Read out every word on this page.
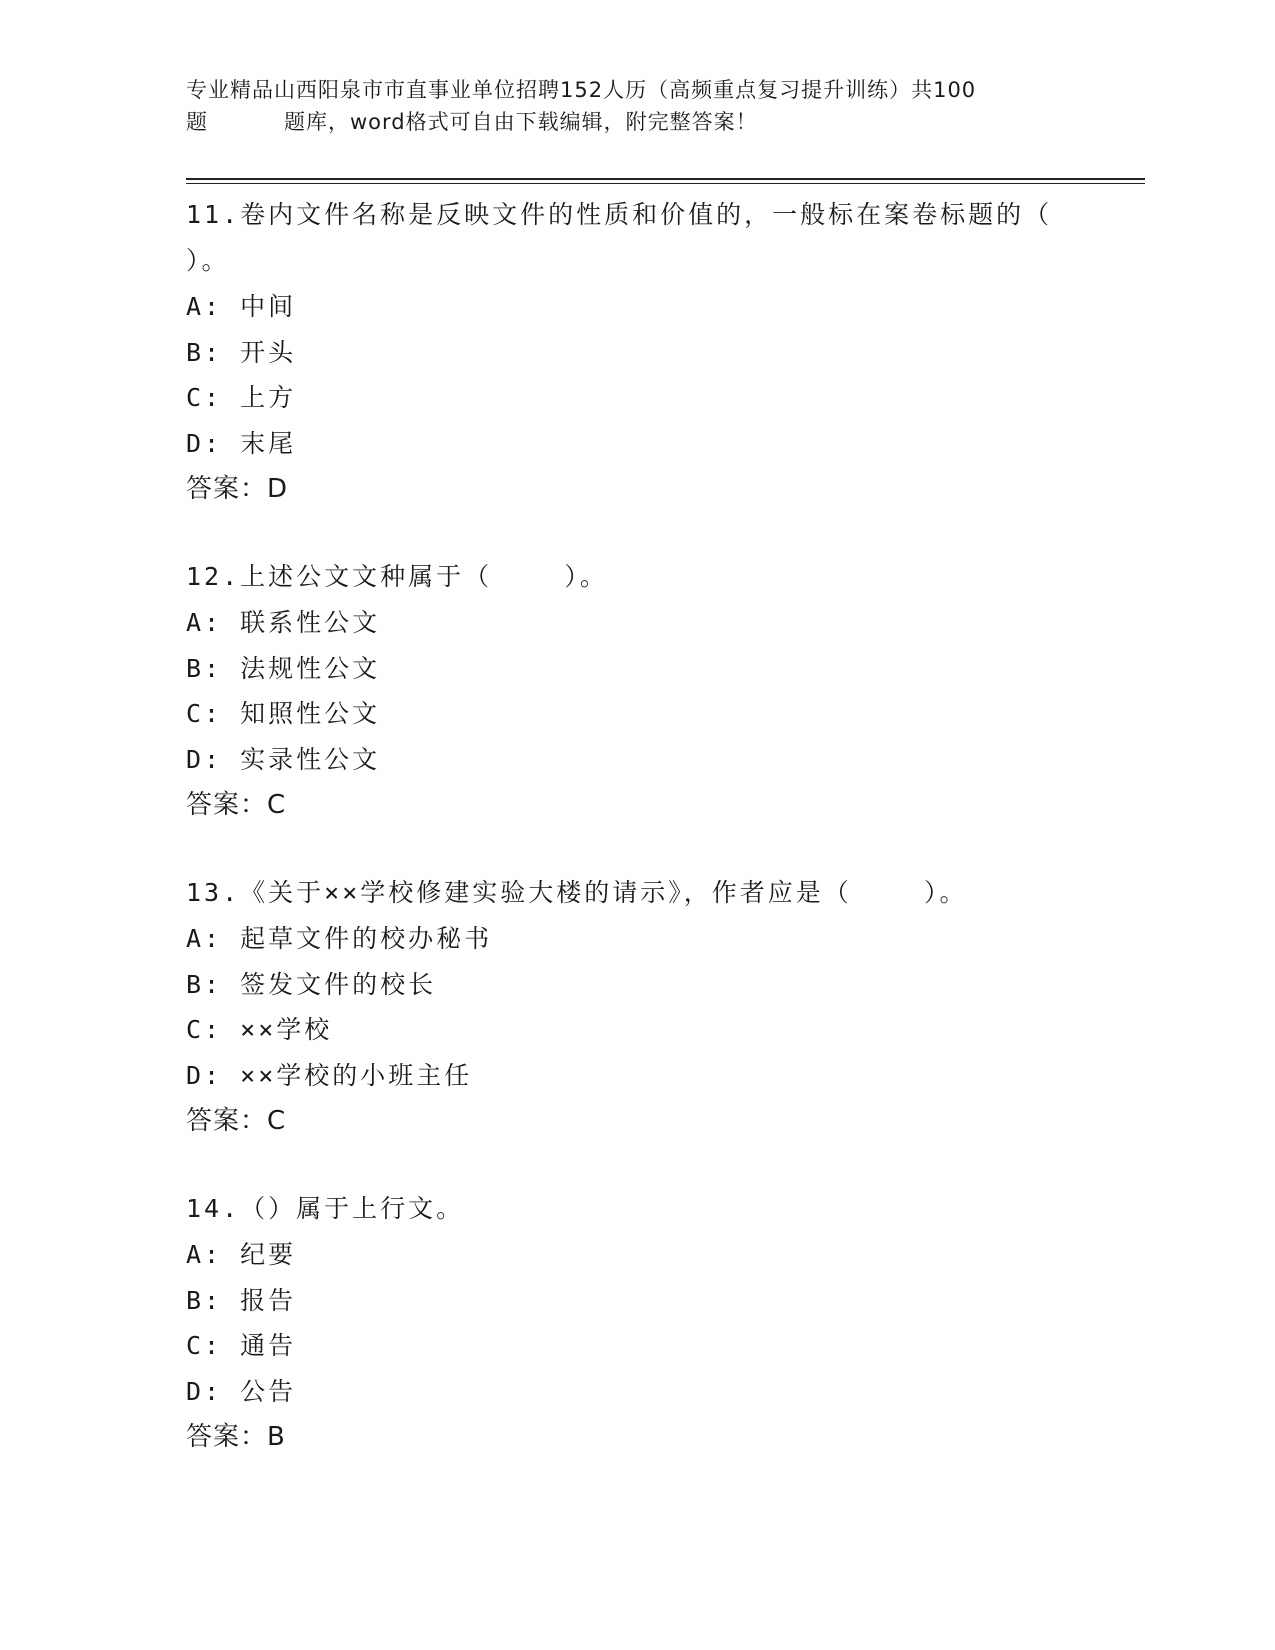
专业精品山西阳泉市市直事业单位招聘152人历（高频重点复习提升训练）共100
题	题库，word格式可自由下载编辑，附完整答案！
11.卷内文件名称是反映文件的性质和价值的，一般标在案卷标题的（
）。
A: 中间
B: 开头
C: 上方
D: 末尾
答案：D
12.上述公文文种属于（    ）。
A: 联系性公文
B: 法规性公文
C: 知照性公文
D: 实录性公文
答案：C
13.《关于××学校修建实验大楼的请示》，作者应是（    ）。
A: 起草文件的校办秘书
B: 签发文件的校长
C: ××学校
D: ××学校的小班主任
答案：C
14.（）属于上行文。
A: 纪要
B: 报告
C: 通告
D: 公告
答案：B
